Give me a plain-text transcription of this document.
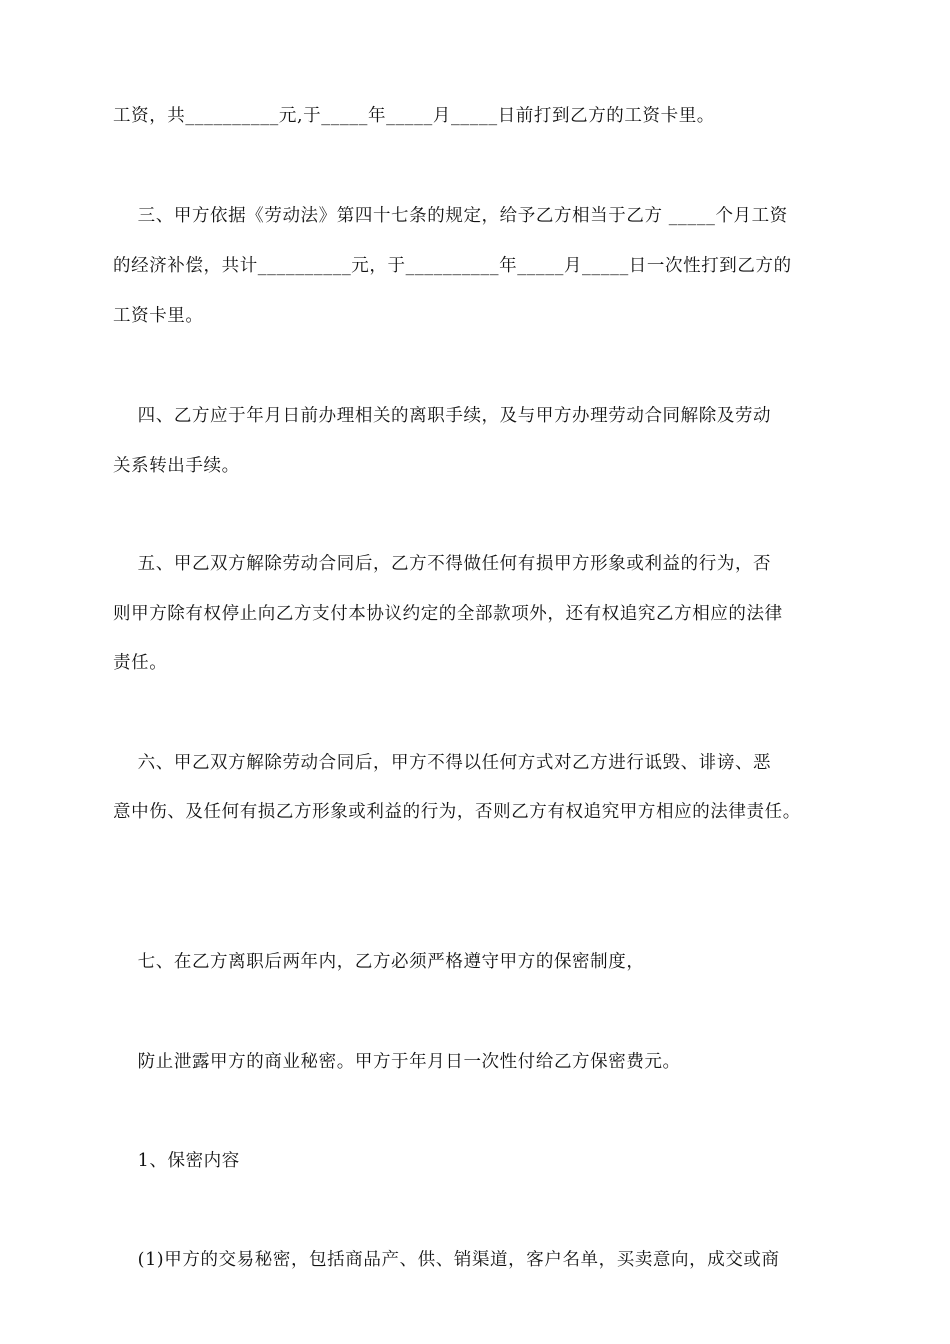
工资，共__________元,于_____年_____月_____日前打到乙方的工资卡里。
三、甲方依据《劳动法》第四十七条的规定，给予乙方相当于乙方 _____个月工资
的经济补偿，共计__________元，于__________年_____月_____日一次性打到乙方的
工资卡里。
四、乙方应于年月日前办理相关的离职手续，及与甲方办理劳动合同解除及劳动
关系转出手续。
五、甲乙双方解除劳动合同后，乙方不得做任何有损甲方形象或利益的行为，否
则甲方除有权停止向乙方支付本协议约定的全部款项外，还有权追究乙方相应的法律
责任。
六、甲乙双方解除劳动合同后，甲方不得以任何方式对乙方进行诋毁、诽谤、恶
意中伤、及任何有损乙方形象或利益的行为，否则乙方有权追究甲方相应的法律责任。
七、在乙方离职后两年内，乙方必须严格遵守甲方的保密制度，
防止泄露甲方的商业秘密。甲方于年月日一次性付给乙方保密费元。
1、保密内容
(1)甲方的交易秘密，包括商品产、供、销渠道，客户名单，买卖意向，成交或商
